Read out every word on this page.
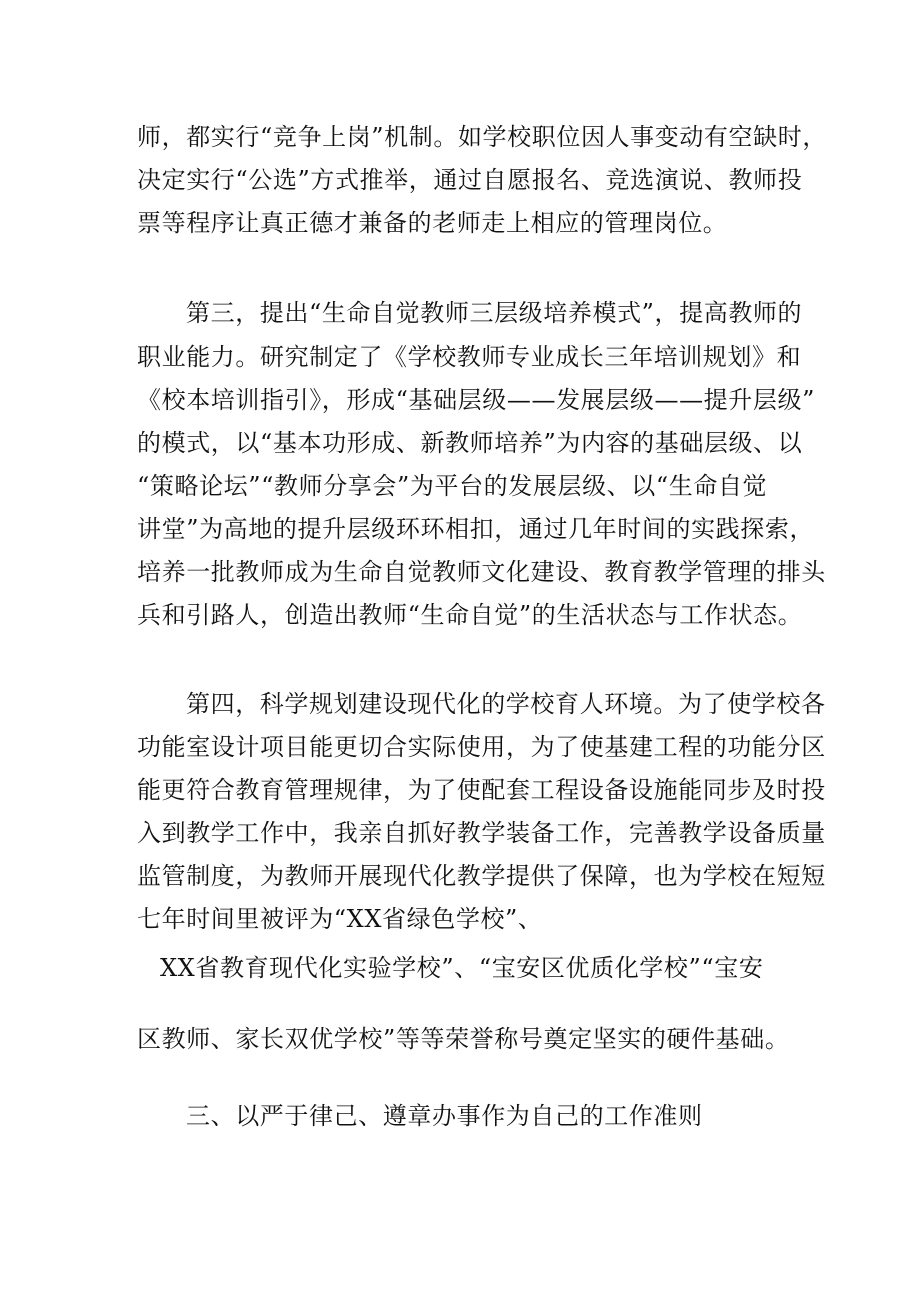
师，都实行“竞争上岗”机制。如学校职位因人事变动有空缺时，
决定实行“公选”方式推举，通过自愿报名、竞选演说、教师投
票等程序让真正德才兼备的老师走上相应的管理岗位。
第三，提出“生命自觉教师三层级培养模式”，提高教师的
职业能力。研究制定了《学校教师专业成长三年培训规划》和
《校本培训指引》，形成“基础层级——发展层级——提升层级”
的模式，以“基本功形成、新教师培养”为内容的基础层级、以
“策略论坛”“教师分享会”为平台的发展层级、以“生命自觉
讲堂”为高地的提升层级环环相扣，通过几年时间的实践探索，
培养一批教师成为生命自觉教师文化建设、教育教学管理的排头
兵和引路人，创造出教师“生命自觉”的生活状态与工作状态。
第四，科学规划建设现代化的学校育人环境。为了使学校各
功能室设计项目能更切合实际使用，为了使基建工程的功能分区
能更符合教育管理规律，为了使配套工程设备设施能同步及时投
入到教学工作中，我亲自抓好教学装备工作，完善教学设备质量
监管制度，为教师开展现代化教学提供了保障，也为学校在短短
七年时间里被评为“XX省绿色学校”、
XX省教育现代化实验学校”、“宝安区优质化学校”“宝安
区教师、家长双优学校”等等荣誉称号奠定坚实的硬件基础。
三、以严于律己、遵章办事作为自己的工作准则
